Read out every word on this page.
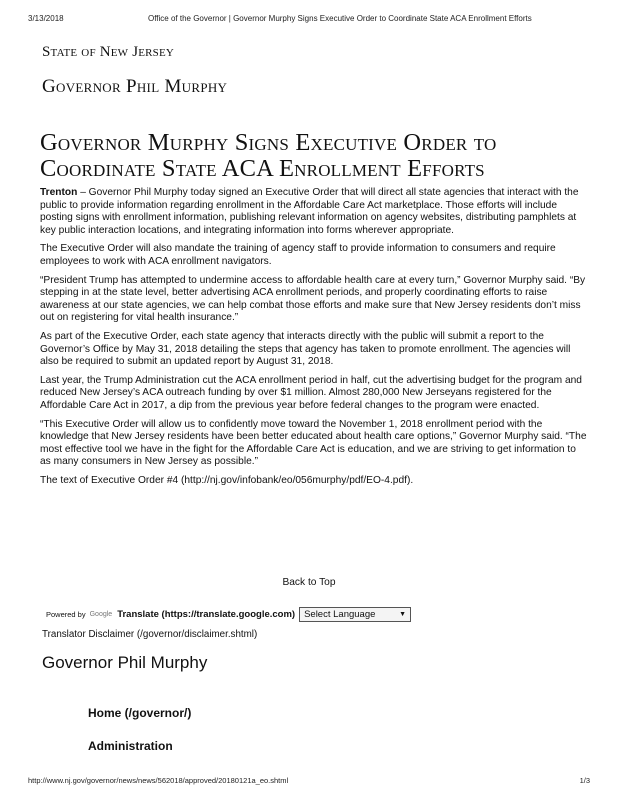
3/13/2018	Office of the Governor | Governor Murphy Signs Executive Order to Coordinate State ACA Enrollment Efforts
State of New Jersey
Governor Phil Murphy
Governor Murphy Signs Executive Order to Coordinate State ACA Enrollment Efforts

Trenton – Governor Phil Murphy today signed an Executive Order that will direct all state agencies that interact with the public to provide information regarding enrollment in the Affordable Care Act marketplace. Those efforts will include posting signs with enrollment information, publishing relevant information on agency websites, distributing pamphlets at key public interaction locations, and integrating information into forms wherever appropriate.

The Executive Order will also mandate the training of agency staff to provide information to consumers and require employees to work with ACA enrollment navigators.

“President Trump has attempted to undermine access to affordable health care at every turn,” Governor Murphy said. “By stepping in at the state level, better advertising ACA enrollment periods, and properly coordinating efforts to raise awareness at our state agencies, we can help combat those efforts and make sure that New Jersey residents don’t miss out on registering for vital health insurance.”

As part of the Executive Order, each state agency that interacts directly with the public will submit a report to the Governor’s Office by May 31, 2018 detailing the steps that agency has taken to promote enrollment. The agencies will also be required to submit an updated report by August 31, 2018.

Last year, the Trump Administration cut the ACA enrollment period in half, cut the advertising budget for the program and reduced New Jersey’s ACA outreach funding by over $1 million. Almost 280,000 New Jerseyans registered for the Affordable Care Act in 2017, a dip from the previous year before federal changes to the program were enacted.

“This Executive Order will allow us to confidently move toward the November 1, 2018 enrollment period with the knowledge that New Jersey residents have been better educated about health care options,” Governor Murphy said. “The most effective tool we have in the fight for the Affordable Care Act is education, and we are striving to get information to as many consumers in New Jersey as possible.”

The text of Executive Order #4 (http://nj.gov/infobank/eo/056murphy/pdf/EO-4.pdf).

Back to Top
Powered by Google Translate (https://translate.google.com) Select Language	▼
Translator Disclaimer (/governor/disclaimer.shtml)
Governor Phil Murphy
Home (/governor/)
Administration
http://www.nj.gov/governor/news/news/562018/approved/20180121a_eo.shtml	1/3
